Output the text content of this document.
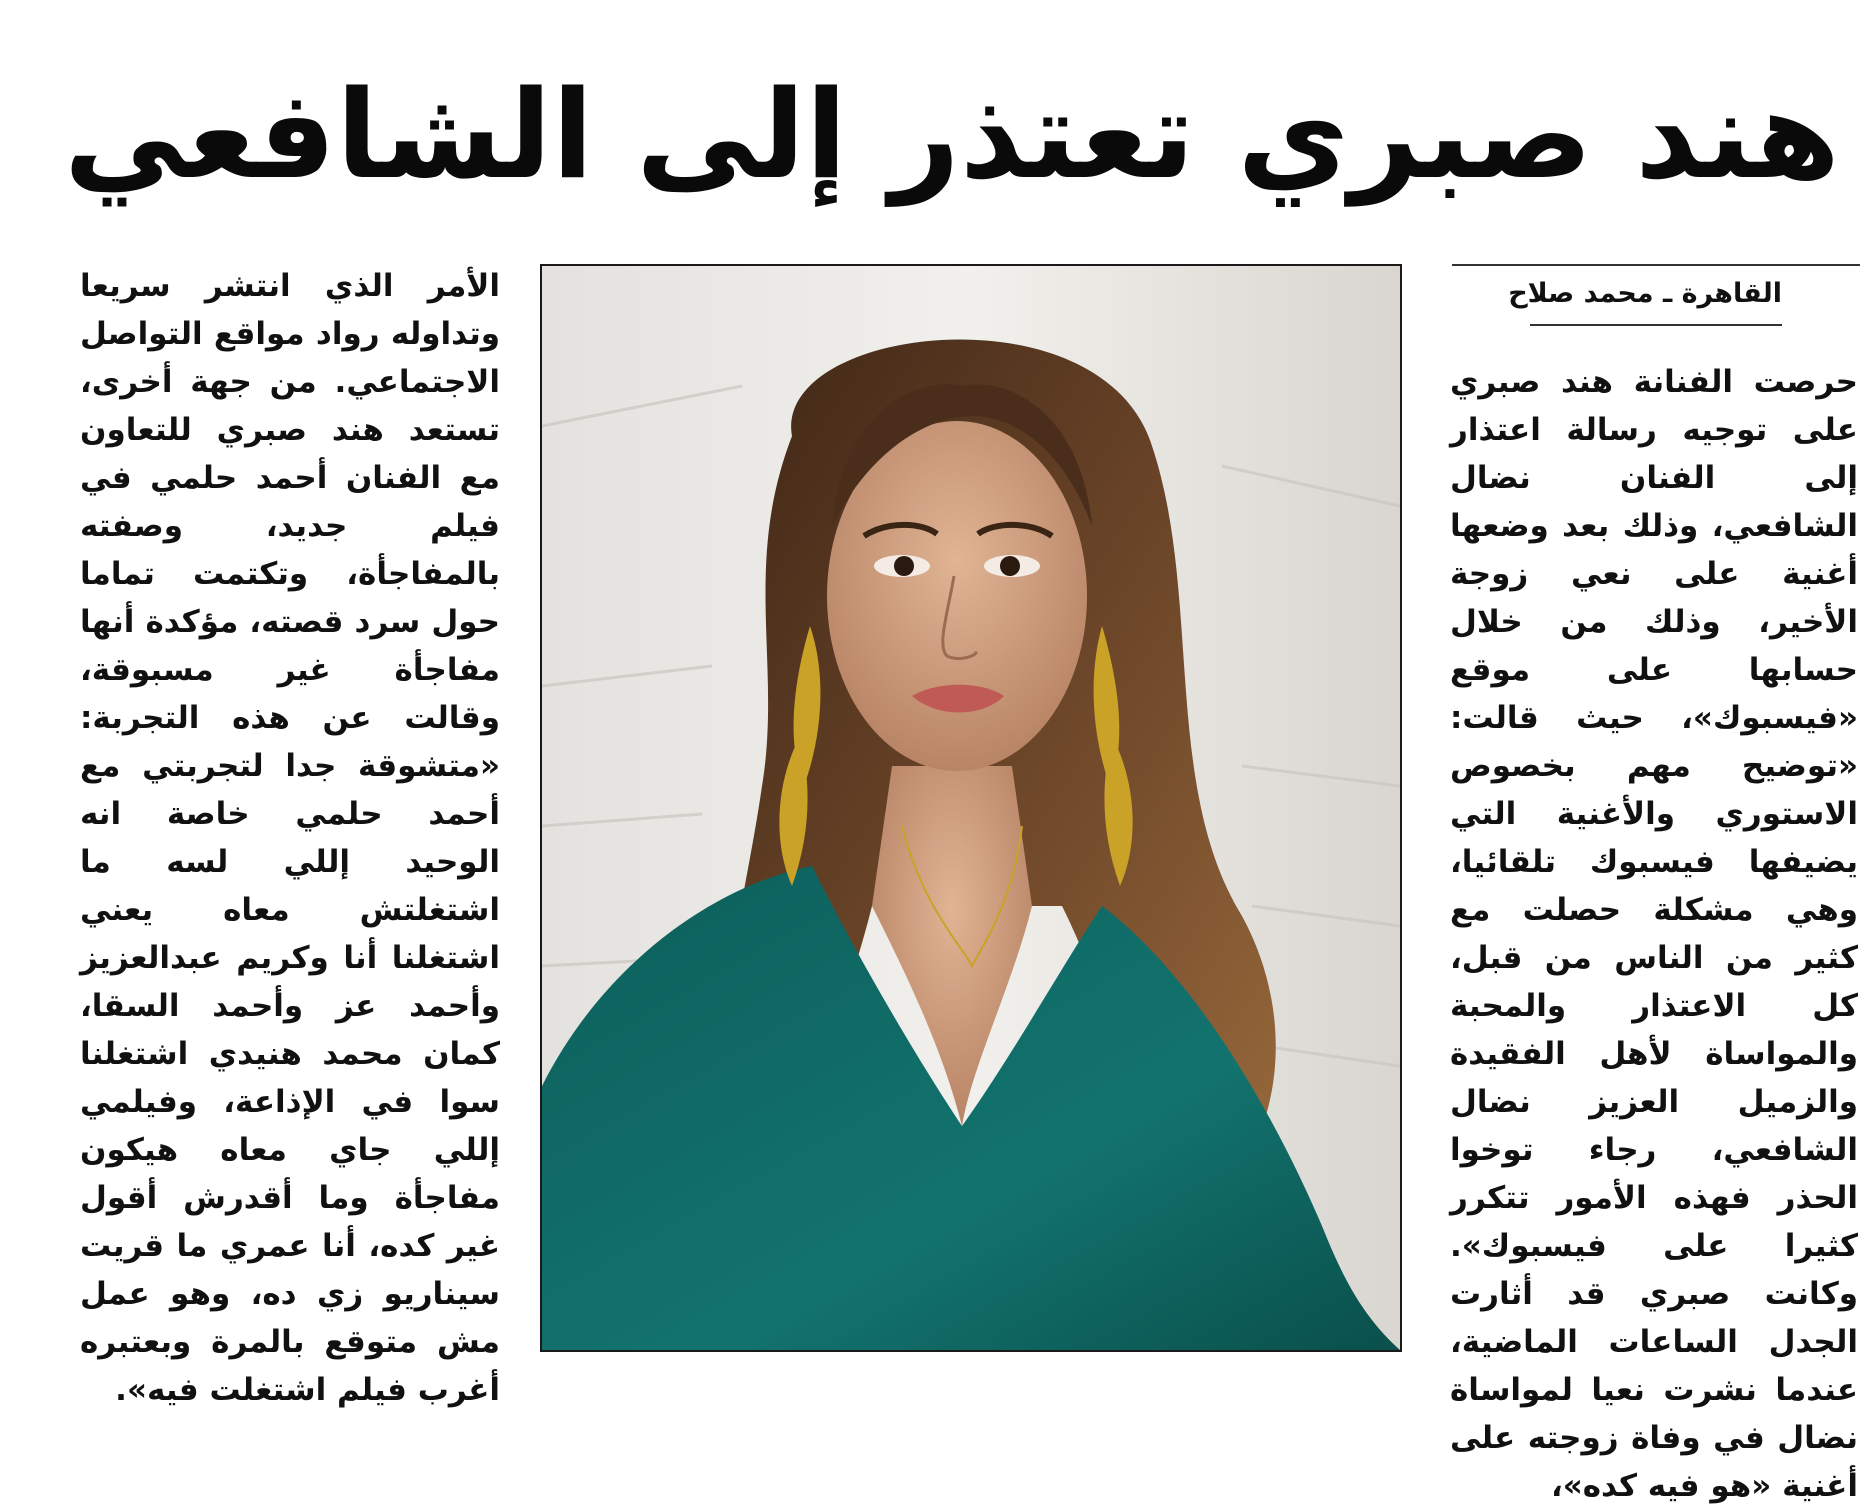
هند صبري تعتذر إلى الشافعي
القاهرة ـ محمد صلاح
حرصت الفنانة هند صبري على توجيه رسالة اعتذار إلى الفنان نضال الشافعي، وذلك بعد وضعها أغنية على نعي زوجة الأخير، وذلك من خلال حسابها على موقع «فيسبوك»، حيث قالت: «توضيح مهم بخصوص الاستوري والأغنية التي يضيفها فيسبوك تلقائيا، وهي مشكلة حصلت مع كثير من الناس من قبل، كل الاعتذار والمحبة والمواساة لأهل الفقيدة والزميل العزيز نضال الشافعي، رجاء توخوا الحذر فهذه الأمور تتكرر كثيرا على فيسبوك». وكانت صبري قد أثارت الجدل الساعات الماضية، عندما نشرت نعيا لمواساة نضال في وفاة زوجته على أغنية «هو فيه كده»،
الأمر الذي انتشر سريعا وتداوله رواد مواقع التواصل الاجتماعي. من جهة أخرى، تستعد هند صبري للتعاون مع الفنان أحمد حلمي في فيلم جديد، وصفته بالمفاجأة، وتكتمت تماما حول سرد قصته، مؤكدة أنها مفاجأة غير مسبوقة، وقالت عن هذه التجربة: «متشوقة جدا لتجربتي مع أحمد حلمي خاصة انه الوحيد إللي لسه ما اشتغلتش معاه يعني اشتغلنا أنا وكريم عبدالعزيز وأحمد عز وأحمد السقا، كمان محمد هنيدي اشتغلنا سوا في الإذاعة، وفيلمي إللي جاي معاه هيكون مفاجأة وما أقدرش أقول غير كده، أنا عمري ما قريت سيناريو زي ده، وهو عمل مش متوقع بالمرة وبعتبره أغرب فيلم اشتغلت فيه».
